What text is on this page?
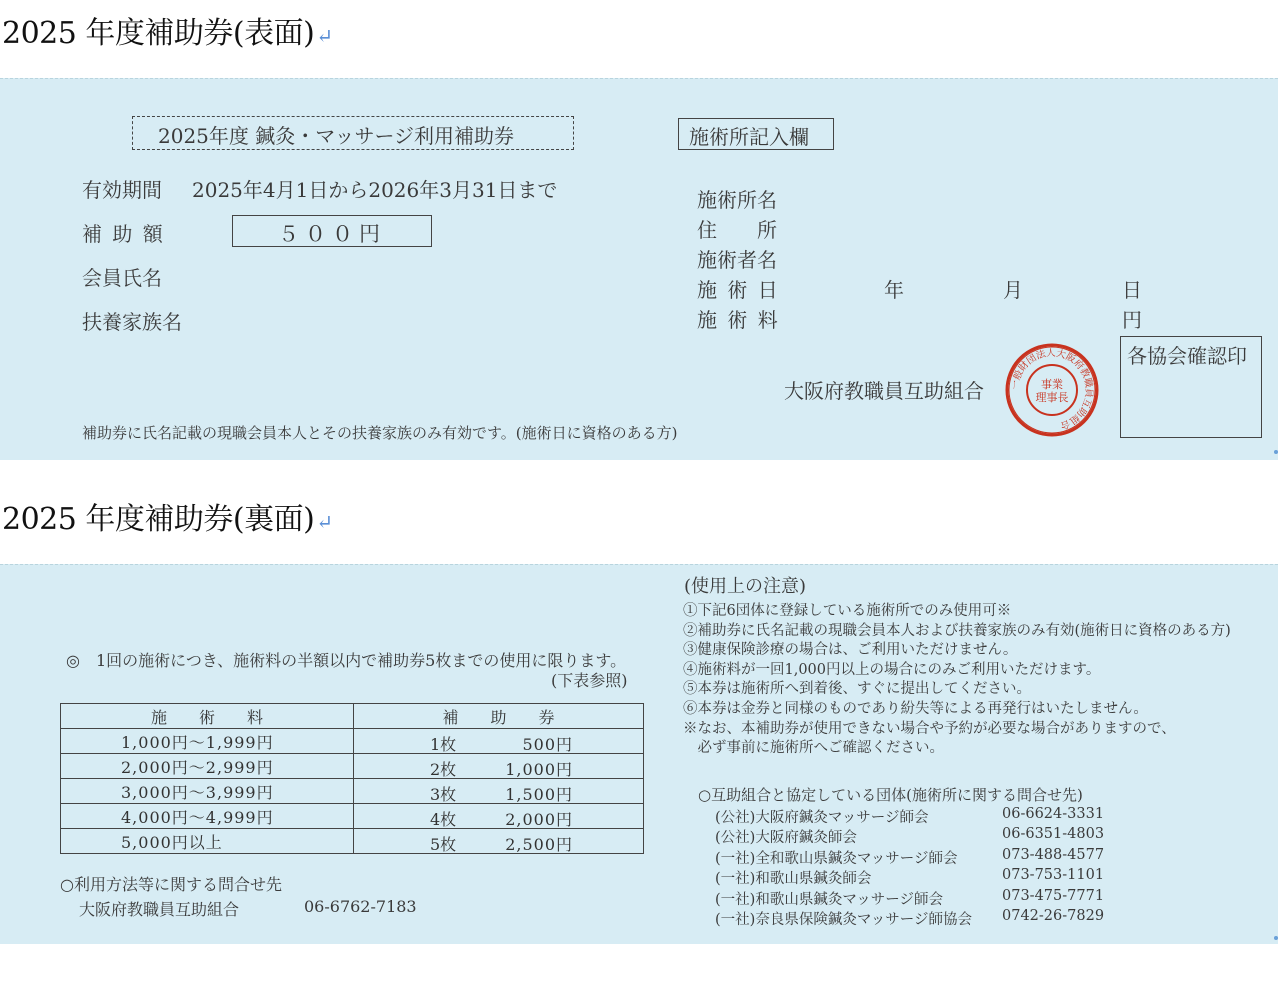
2025 年度補助券(表面) ↵
2025年度 鍼灸・マッサージ利用補助券	施術所記入欄
有効期間 2025年4月1日から2026年3月31日まで
補 助 額	５００円
会員氏名
扶養家族名
補助券に氏名記載の現職会員本人とその扶養家族のみ有効です。(施術日に資格のある方)
施術所名
住　　所
施術者名
施 術 日	年	月	日
施 術 料	円
各協会確認印
大阪府教職員互助組合	一般財団法人大阪府教職員互助組合
事業
理事長
2025 年度補助券(裏面) ↵
◎　1回の施術につき、施術料の半額以内で補助券5枚までの使用に限ります。
(下表参照)
施　　術　　料	補　　助　　券
1,000円～1,999円	1枚 500円

2,000円～2,999円	2枚 1,000円

3,000円～3,999円	3枚 1,500円

4,000円～4,999円	4枚 2,000円

5,000円以上	5枚 2,500円
○利用方法等に関する問合せ先
大阪府教職員互助組合	06-6762-7183
(使用上の注意)
①下記6団体に登録している施術所でのみ使用可※
②補助券に氏名記載の現職会員本人および扶養家族のみ有効(施術日に資格のある方)
③健康保険診療の場合は、ご利用いただけません。
④施術料が一回1,000円以上の場合にのみご利用いただけます。
⑤本券は施術所へ到着後、すぐに提出してください。
⑥本券は金券と同様のものであり紛失等による再発行はいたしません。
※なお、本補助券が使用できない場合や予約が必要な場合がありますので、
　必ず事前に施術所へご確認ください。
○互助組合と協定している団体(施術所に関する問合せ先)
(公社)大阪府鍼灸マッサージ師会	06-6624-3331
(公社)大阪府鍼灸師会	06-6351-4803
(一社)全和歌山県鍼灸マッサージ師会	073-488-4577
(一社)和歌山県鍼灸師会	073-753-1101
(一社)和歌山県鍼灸マッサージ師会	073-475-7771
(一社)奈良県保険鍼灸マッサージ師協会 0742-26-7829
